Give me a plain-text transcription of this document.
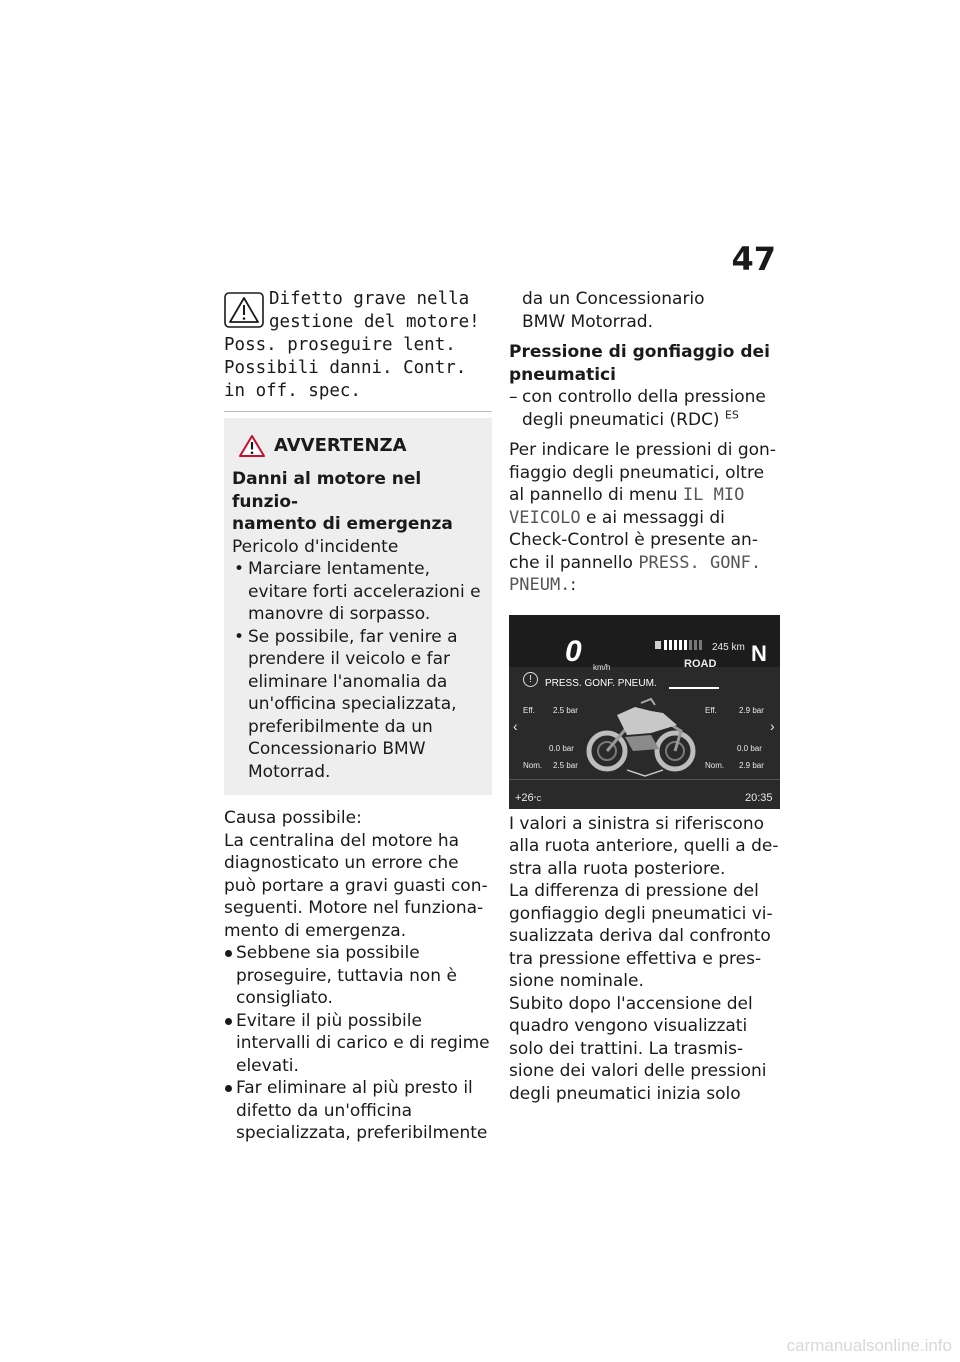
47
Difetto grave nella
gestione del motore!
Poss. proseguire lent.
Possibili danni. Contr.
in off. spec.
AVVERTENZA
Danni al motore nel funzio-
namento di emergenza
Pericolo d'incidente
• Marciare lentamente, evitare forti accelerazioni e manovre di sorpasso.
• Se possibile, far venire a prendere il veicolo e far eliminare l'anomalia da un'officina specializzata, preferibilmente da un Concessionario BMW Motorrad.
Causa possibile:
La centralina del motore ha
diagnosticato un errore che
può portare a gravi guasti con-
seguenti. Motore nel funziona-
mento di emergenza.
Sebbene sia possibile proseguire, tuttavia non è consigliato.
Evitare il più possibile intervalli di carico e di regime elevati.
Far eliminare al più presto il difetto da un'officina specializzata, preferibilmente
da un Concessionario
BMW Motorrad.
Pressione di gonfiaggio dei
pneumatici
– con controllo della pressione degli pneumatici (RDC) $^{ES}$
Per indicare le pressioni di gon-
fiaggio degli pneumatici, oltre
al pannello di menu IL MIO
VEICOLO e ai messaggi di
Check-Control è presente an-
che il pannello PRESS. GONF.
PNEUM.:
0 km/h
245 km
ROAD N
!	PRESS. GONF. PNEUM.
Eff. 2.5 bar	Eff.	2.9 bar
‹	›
0.0 bar	0.0 bar
Nom. 2.5 bar	Nom. 2.9 bar
+26°C	20:35
I valori a sinistra si riferiscono
alla ruota anteriore, quelli a de-
stra alla ruota posteriore.
La differenza di pressione del
gonfiaggio degli pneumatici vi-
sualizzata deriva dal confronto
tra pressione effettiva e pres-
sione nominale.
Subito dopo l'accensione del
quadro vengono visualizzati
solo dei trattini. La trasmis-
sione dei valori delle pressioni
degli pneumatici inizia solo
carmanualsonline.info
